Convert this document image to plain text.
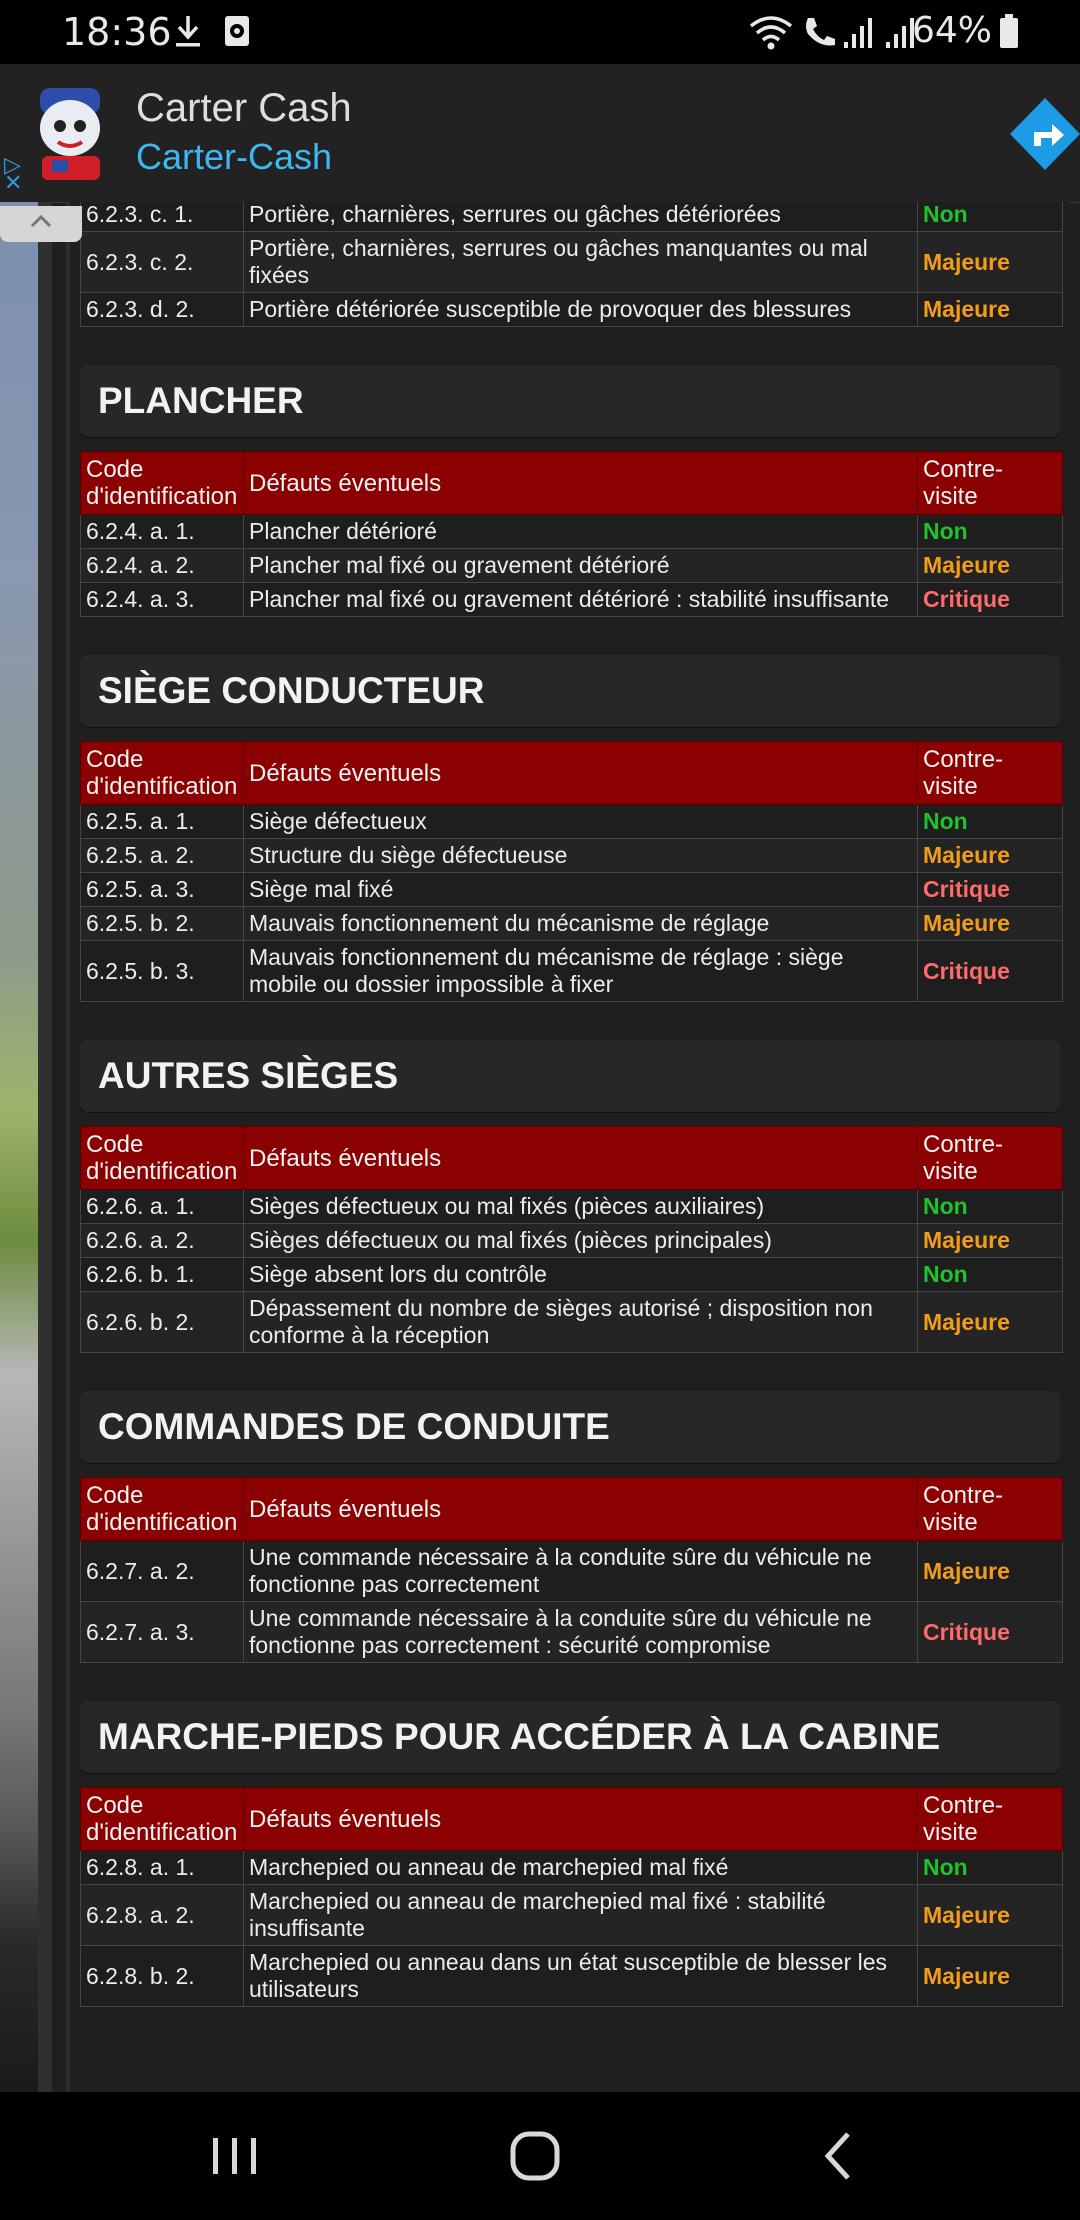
18:36	64%
Carter Cash
Carter-Cash
▷
✕

6.2.3. c. 1.	Portière, charnières, serrures ou gâches détériorées	Non
6.2.3. c. 2.	Portière, charnières, serrures ou gâches manquantes ou mal fixées	Majeure
6.2.3. d. 2.	Portière détériorée susceptible de provoquer des blessures	Majeure
PLANCHER
Code d'identification	Défauts éventuels	Contre-visite
6.2.4. a. 1.	Plancher détérioré	Non
6.2.4. a. 2.	Plancher mal fixé ou gravement détérioré	Majeure
6.2.4. a. 3.	Plancher mal fixé ou gravement détérioré : stabilité insuffisante	Critique
SIÈGE CONDUCTEUR
Code d'identification	Défauts éventuels	Contre-visite
6.2.5. a. 1.	Siège défectueux	Non
6.2.5. a. 2.	Structure du siège défectueuse	Majeure
6.2.5. a. 3.	Siège mal fixé	Critique
6.2.5. b. 2.	Mauvais fonctionnement du mécanisme de réglage	Majeure
6.2.5. b. 3.	Mauvais fonctionnement du mécanisme de réglage : siège mobile ou dossier impossible à fixer	Critique
AUTRES SIÈGES
Code d'identification	Défauts éventuels	Contre-visite
6.2.6. a. 1.	Sièges défectueux ou mal fixés (pièces auxiliaires)	Non
6.2.6. a. 2.	Sièges défectueux ou mal fixés (pièces principales)	Majeure
6.2.6. b. 1.	Siège absent lors du contrôle	Non
6.2.6. b. 2.	Dépassement du nombre de sièges autorisé ; disposition non conforme à la réception	Majeure
COMMANDES DE CONDUITE
Code d'identification	Défauts éventuels	Contre-visite
6.2.7. a. 2.	Une commande nécessaire à la conduite sûre du véhicule ne fonctionne pas correctement	Majeure
6.2.7. a. 3.	Une commande nécessaire à la conduite sûre du véhicule ne fonctionne pas correctement : sécurité compromise	Critique
MARCHE-PIEDS POUR ACCÉDER À LA CABINE
Code d'identification	Défauts éventuels	Contre-visite
6.2.8. a. 1.	Marchepied ou anneau de marchepied mal fixé	Non
6.2.8. a. 2.	Marchepied ou anneau de marchepied mal fixé : stabilité insuffisante	Majeure
6.2.8. b. 2.	Marchepied ou anneau dans un état susceptible de blesser les utilisateurs	Majeure
